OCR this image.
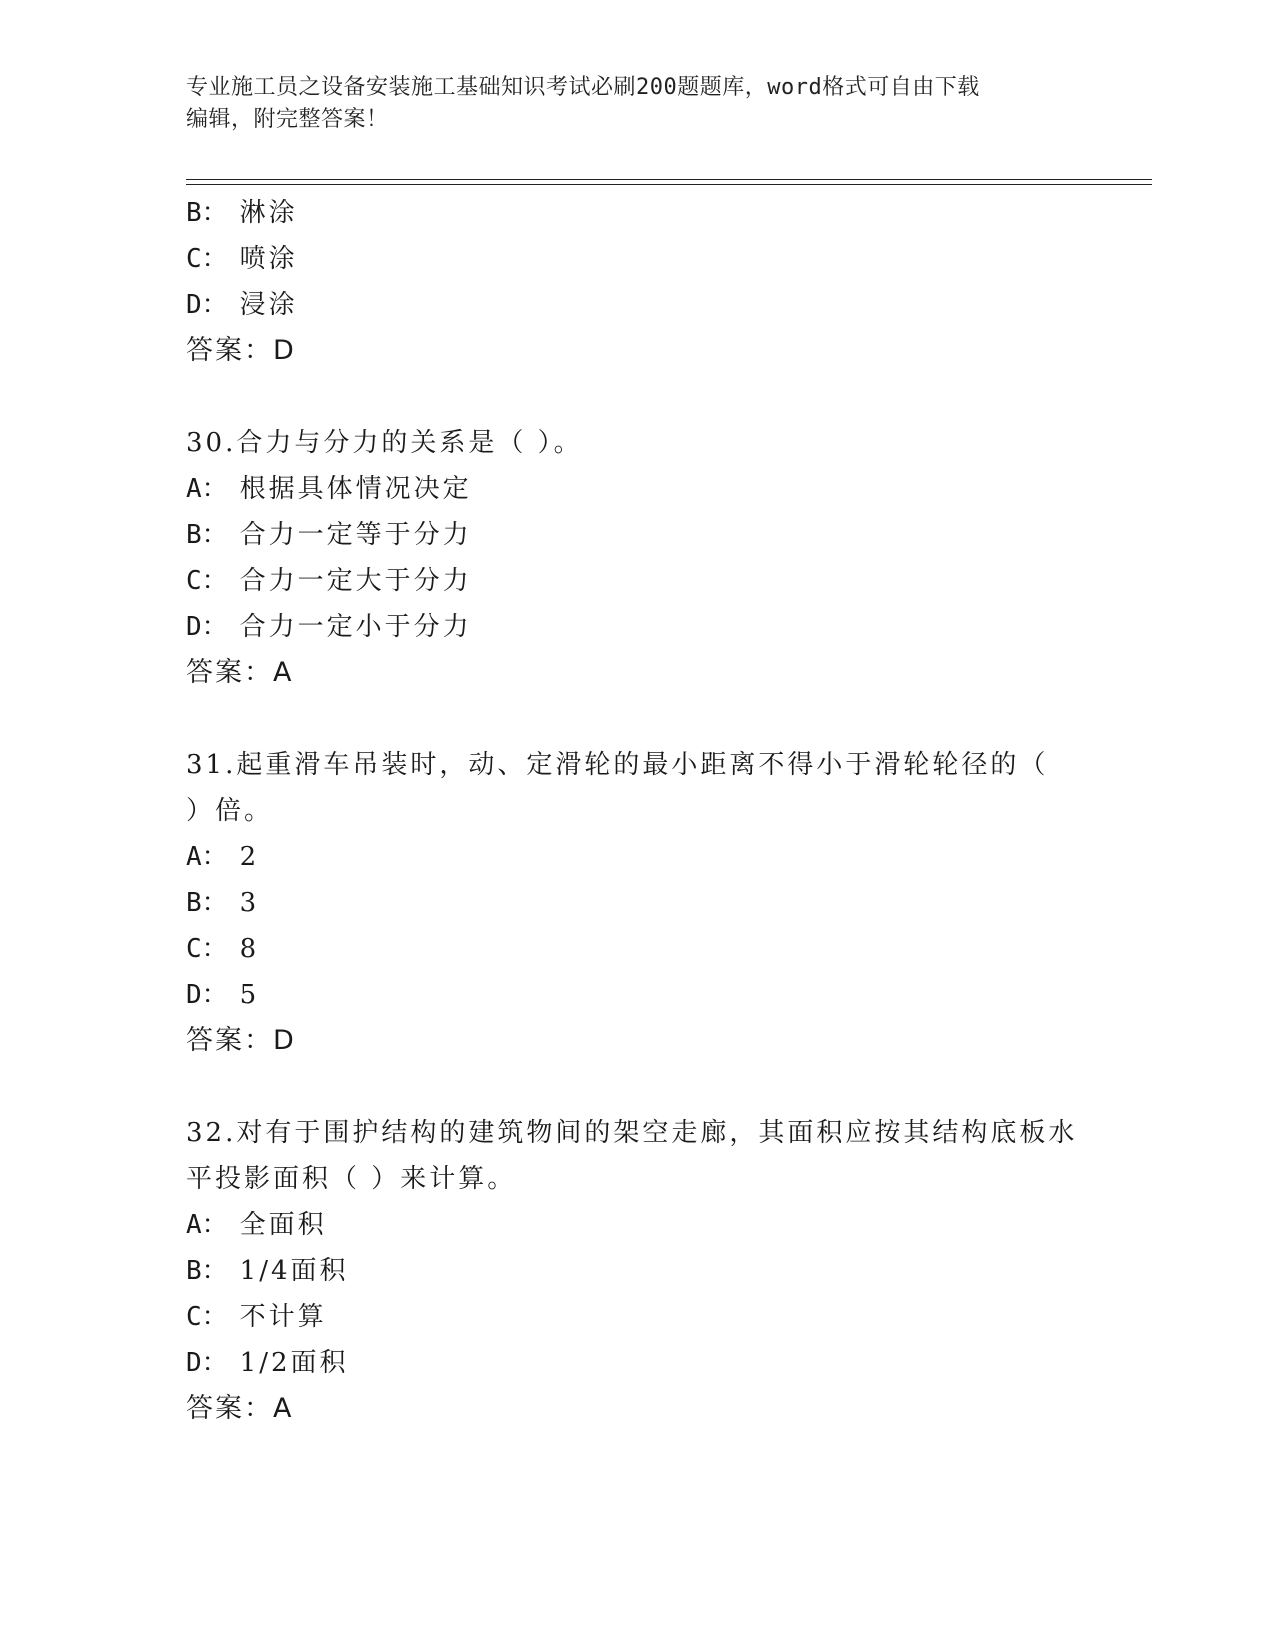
专业施工员之设备安装施工基础知识考试必刷200题题库，word格式可自由下载
编辑，附完整答案！
B： 淋涂
C： 喷涂
D： 浸涂
答案：D
30.合力与分力的关系是（ ）。
A： 根据具体情况决定
B： 合力一定等于分力
C： 合力一定大于分力
D： 合力一定小于分力
答案：A
31.起重滑车吊装时，动、定滑轮的最小距离不得小于滑轮轮径的（
）倍。
A： 2
B： 3
C： 8
D： 5
答案：D
32.对有于围护结构的建筑物间的架空走廊，其面积应按其结构底板水
平投影面积（ ）来计算。
A： 全面积
B： 1/4面积
C： 不计算
D： 1/2面积
答案：A
